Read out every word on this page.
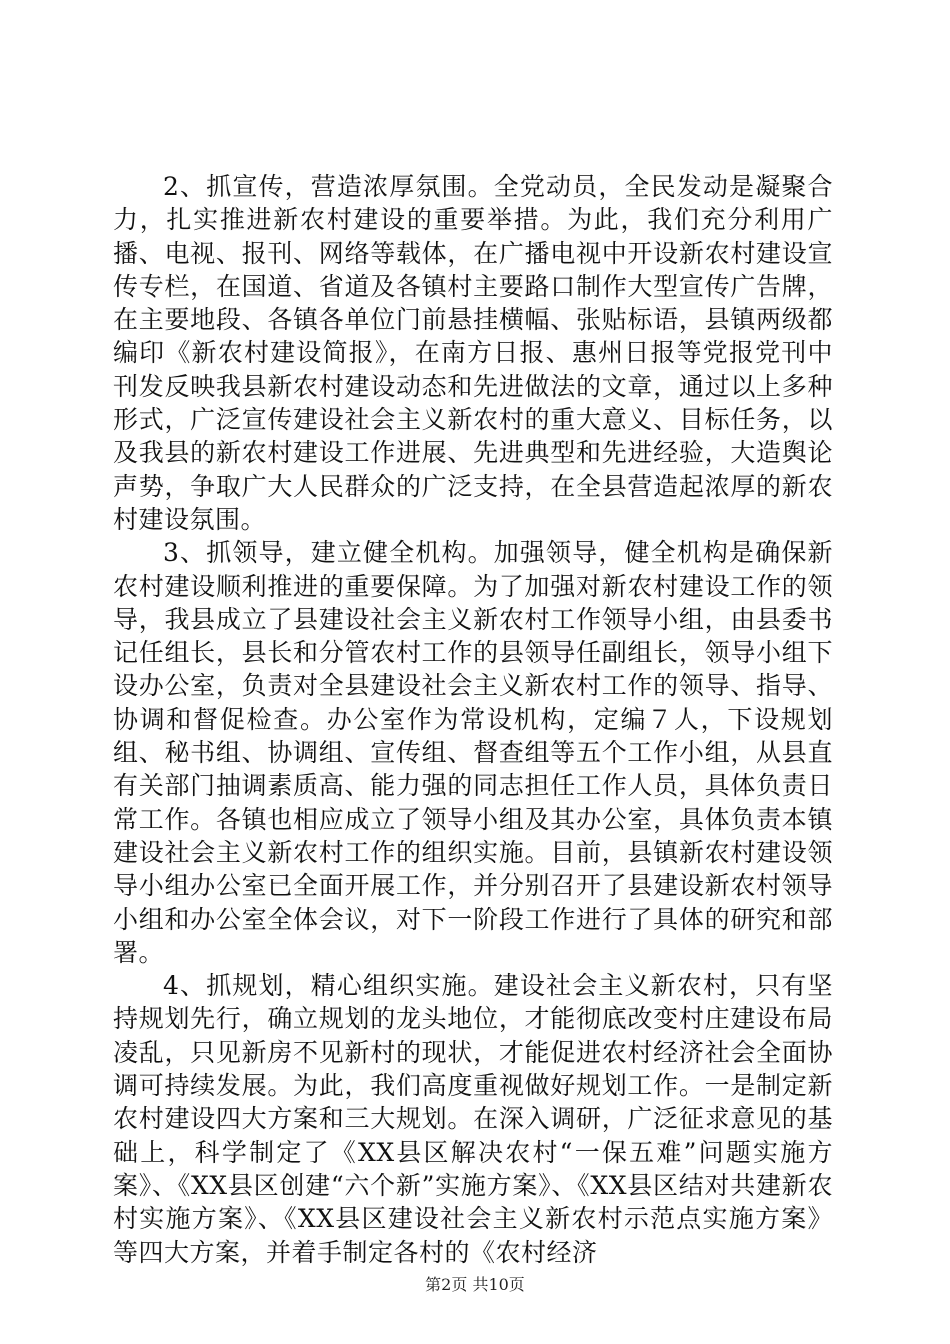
2、抓宣传，营造浓厚氛围。全党动员，全民发动是凝聚合力，扎实推进新农村建设的重要举措。为此，我们充分利用广播、电视、报刊、网络等载体，在广播电视中开设新农村建设宣传专栏，在国道、省道及各镇村主要路口制作大型宣传广告牌，在主要地段、各镇各单位门前悬挂横幅、张贴标语，县镇两级都编印《新农村建设简报》，在南方日报、惠州日报等党报党刊中刊发反映我县新农村建设动态和先进做法的文章，通过以上多种形式，广泛宣传建设社会主义新农村的重大意义、目标任务，以及我县的新农村建设工作进展、先进典型和先进经验，大造舆论声势，争取广大人民群众的广泛支持，在全县营造起浓厚的新农村建设氛围。

3、抓领导，建立健全机构。加强领导，健全机构是确保新农村建设顺利推进的重要保障。为了加强对新农村建设工作的领导，我县成立了县建设社会主义新农村工作领导小组，由县委书记任组长，县长和分管农村工作的县领导任副组长，领导小组下设办公室，负责对全县建设社会主义新农村工作的领导、指导、协调和督促检查。办公室作为常设机构，定编７人，下设规划组、秘书组、协调组、宣传组、督查组等五个工作小组，从县直有关部门抽调素质高、能力强的同志担任工作人员，具体负责日常工作。各镇也相应成立了领导小组及其办公室，具体负责本镇建设社会主义新农村工作的组织实施。目前，县镇新农村建设领导小组办公室已全面开展工作，并分别召开了县建设新农村领导小组和办公室全体会议，对下一阶段工作进行了具体的研究和部署。

4、抓规划，精心组织实施。建设社会主义新农村，只有坚持规划先行，确立规划的龙头地位，才能彻底改变村庄建设布局凌乱，只见新房不见新村的现状，才能促进农村经济社会全面协调可持续发展。为此，我们高度重视做好规划工作。一是制定新农村建设四大方案和三大规划。在深入调研，广泛征求意见的基础上，科学制定了《XX县区解决农村“一保五难”问题实施方案》、《XX县区创建“六个新”实施方案》、《XX县区结对共建新农村实施方案》、《XX县区建设社会主义新农村示范点实施方案》等四大方案，并着手制定各村的《农村经济

第2页 共10页
